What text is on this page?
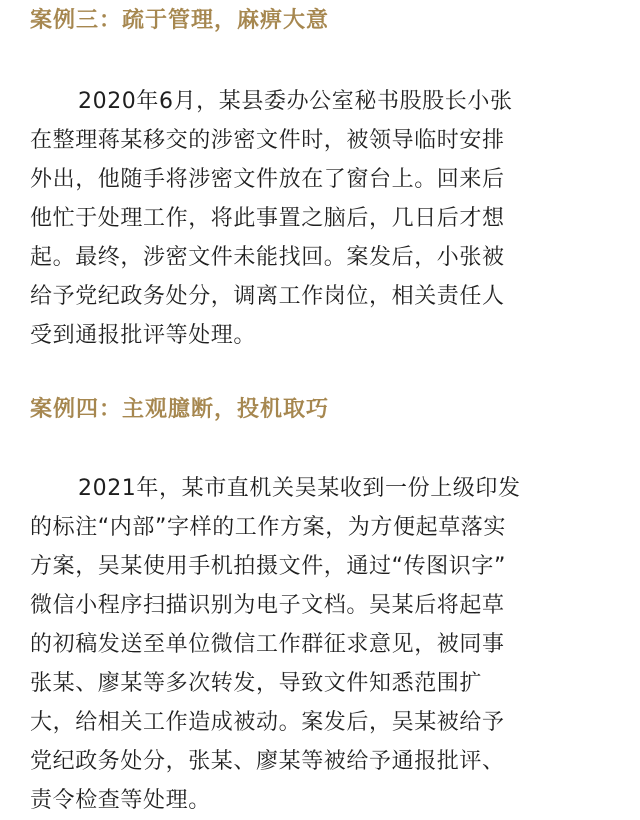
案例三：疏于管理，麻痹大意
2020年6月，某县委办公室秘书股股长小张
在整理蒋某移交的涉密文件时，被领导临时安排
外出，他随手将涉密文件放在了窗台上。回来后
他忙于处理工作，将此事置之脑后，几日后才想
起。最终，涉密文件未能找回。案发后，小张被
给予党纪政务处分，调离工作岗位，相关责任人
受到通报批评等处理。
案例四：主观臆断，投机取巧
2021年，某市直机关吴某收到一份上级印发
的标注“内部”字样的工作方案，为方便起草落实
方案，吴某使用手机拍摄文件，通过“传图识字”
微信小程序扫描识别为电子文档。吴某后将起草
的初稿发送至单位微信工作群征求意见，被同事
张某、廖某等多次转发，导致文件知悉范围扩
大，给相关工作造成被动。案发后，吴某被给予
党纪政务处分，张某、廖某等被给予通报批评、
责令检查等处理。
